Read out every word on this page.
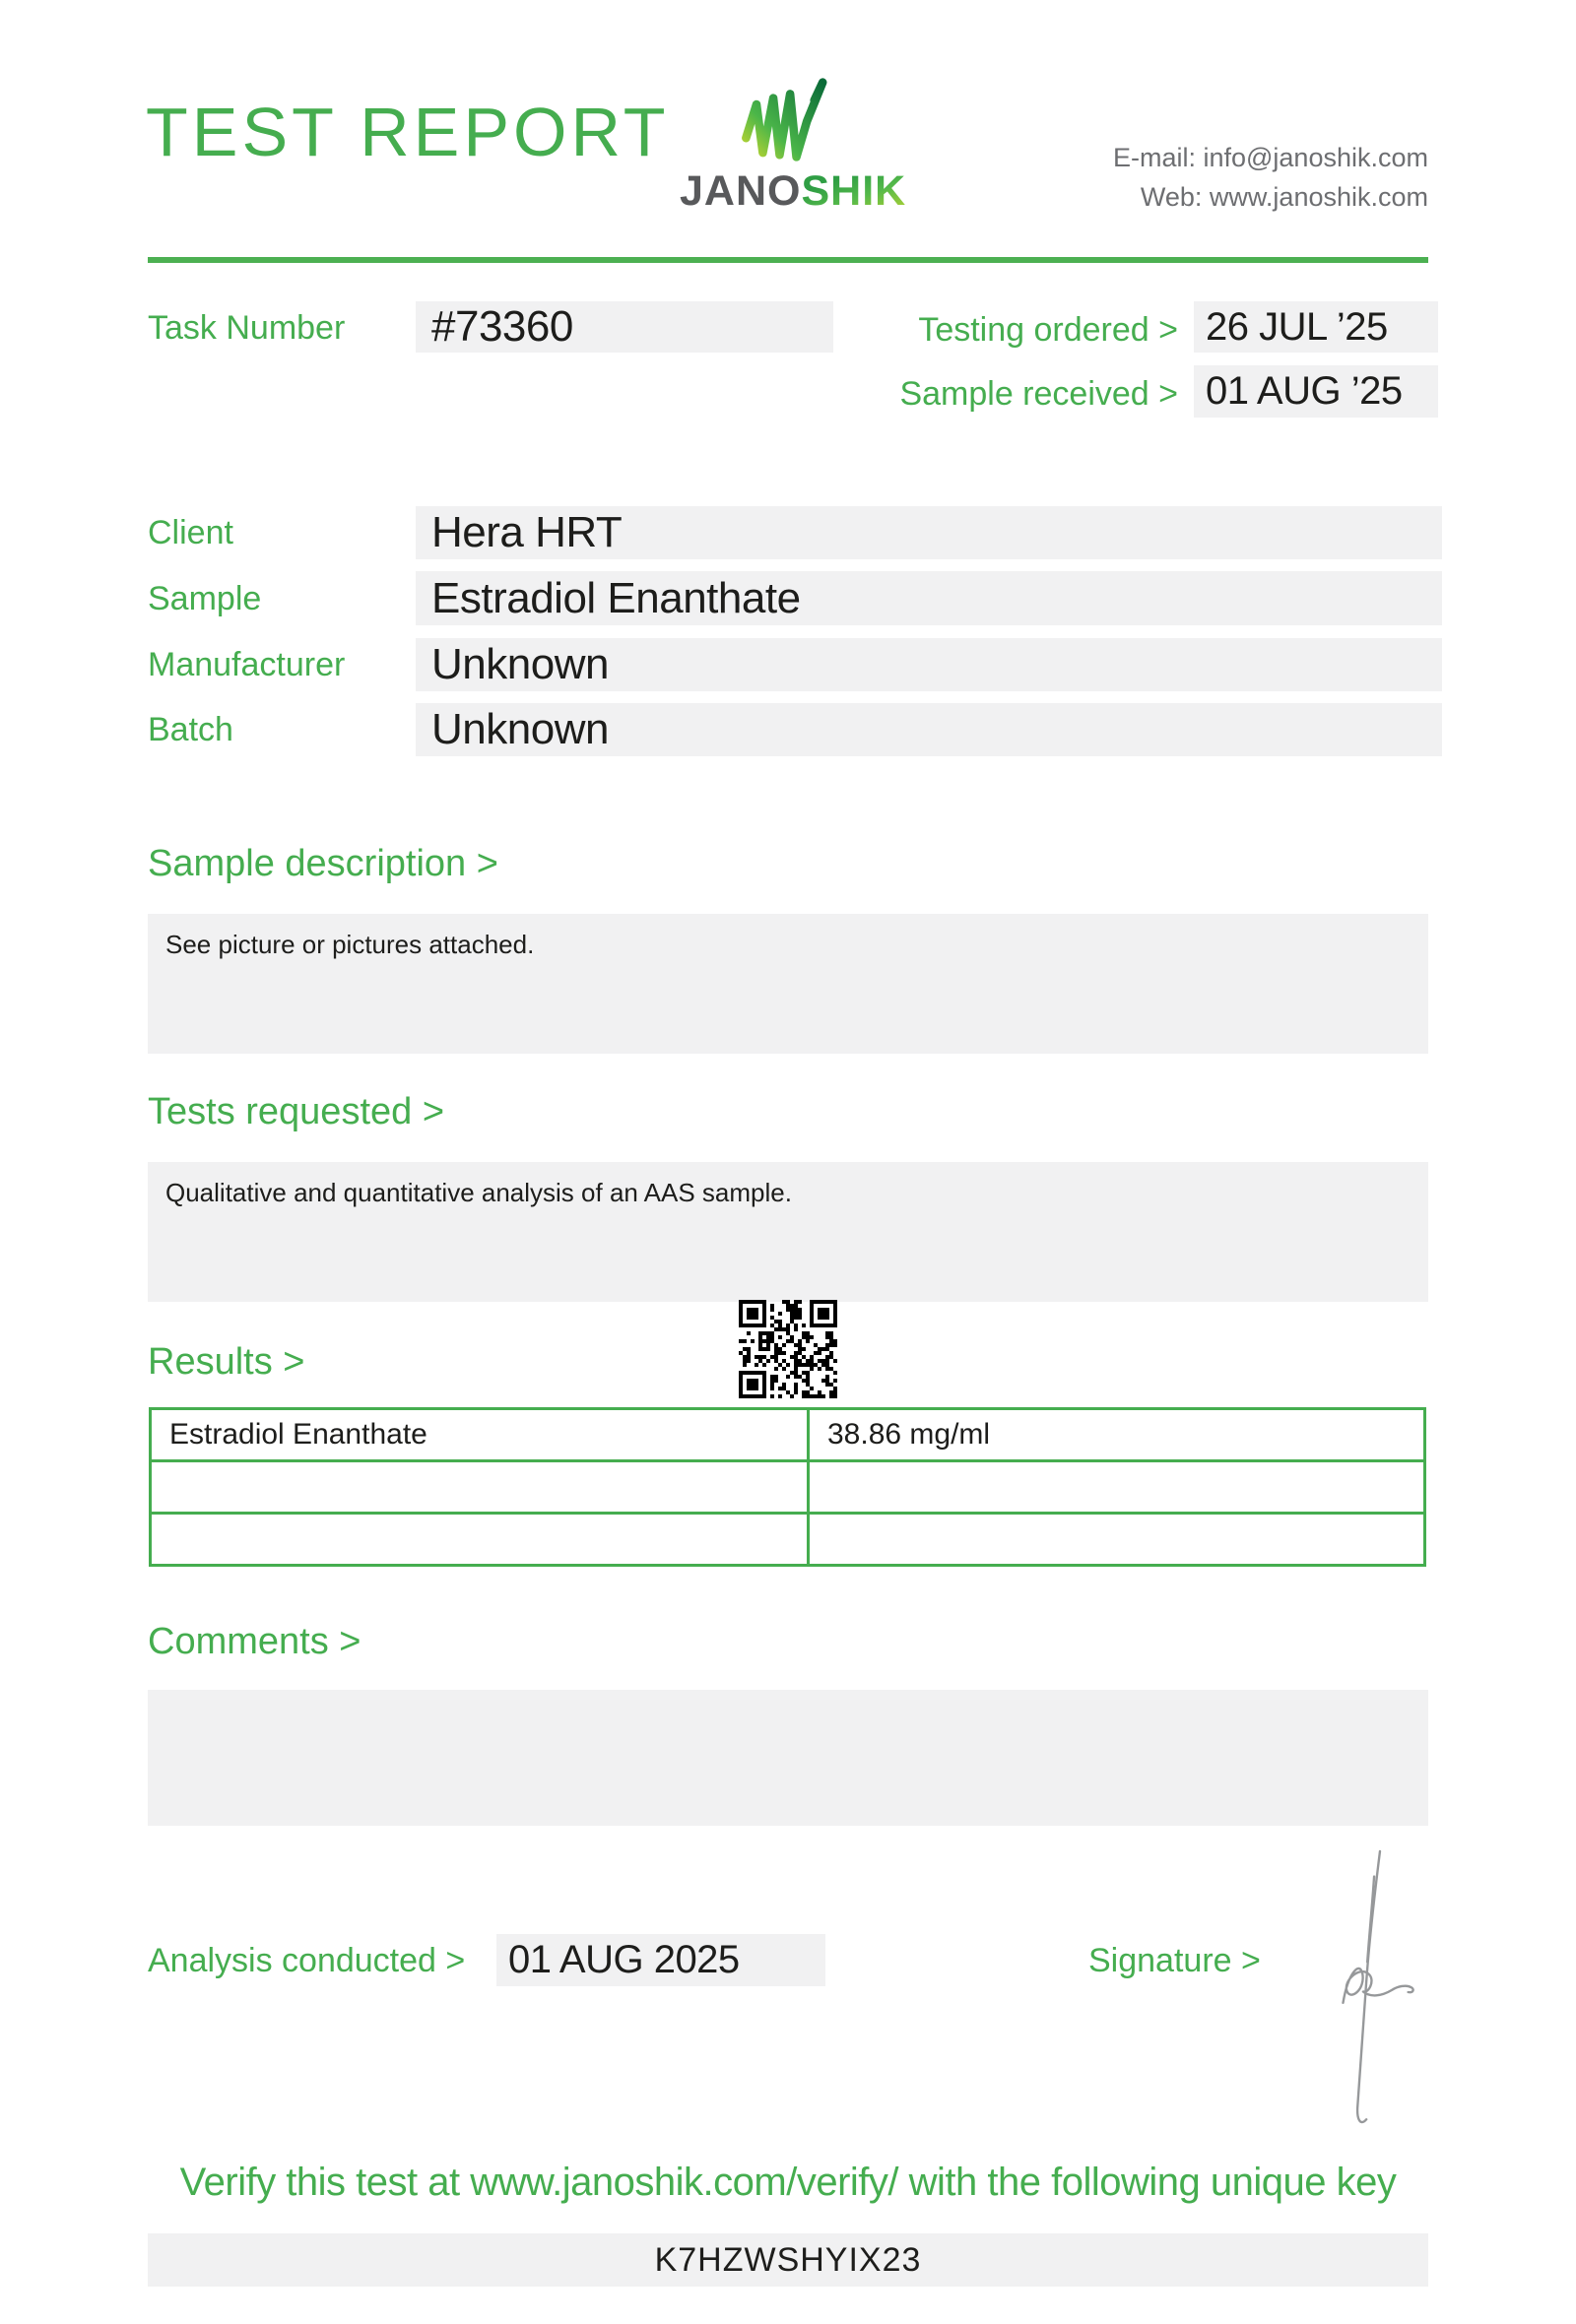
TEST REPORT
JANOSHIK
E-mail: info@janoshik.com
Web: www.janoshik.com
Task Number #73360	Testing ordered > 26 JUL ’25
Sample received > 01 AUG ’25
Client	Hera HRT
Sample	Estradiol Enanthate
Manufacturer Unknown
Batch	Unknown
Sample description >
See picture or pictures attached.
Tests requested >
Qualitative and quantitative analysis of an AAS sample.
Results >
Estradiol Enanthate	38.86 mg/ml

Comments >
Analysis conducted > 01 AUG 2025	Signature >
Verify this test at www.janoshik.com/verify/ with the following unique key
K7HZWSHYIX23
